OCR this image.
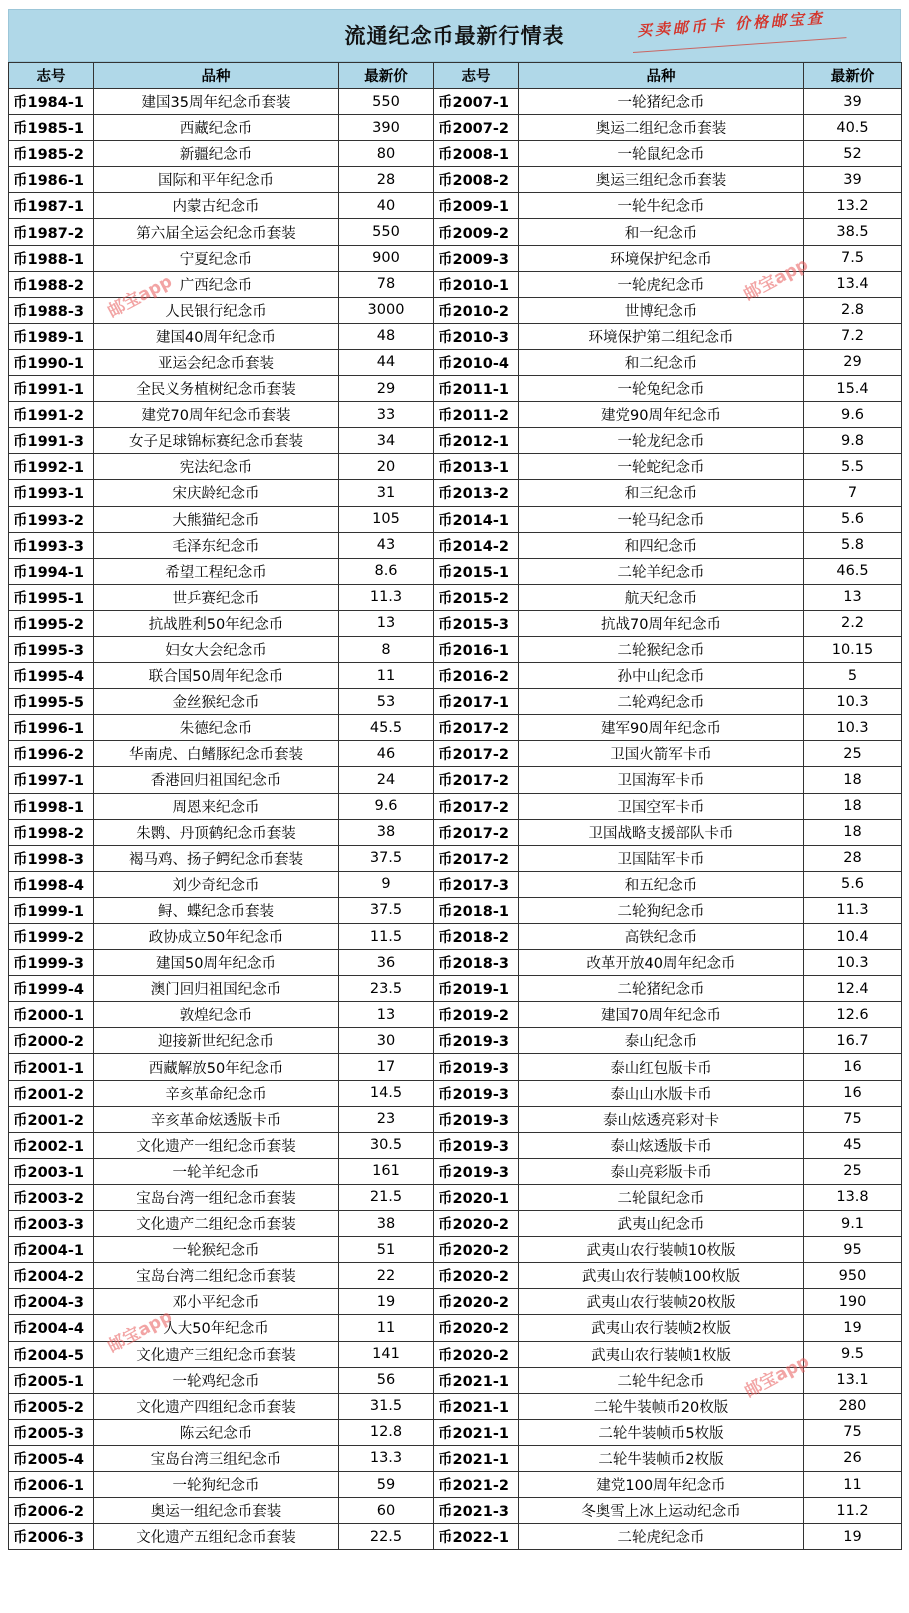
流通纪念币最新行情表	买卖邮币卡 价格邮宝查
志号	品种	最新价	志号	品种	最新价
币1984-1	建国35周年纪念币套装	550	币2007-1	一轮猪纪念币	39
币1985-1	西藏纪念币	390	币2007-2	奥运二组纪念币套装	40.5
币1985-2	新疆纪念币	80	币2008-1	一轮鼠纪念币	52
币1986-1	国际和平年纪念币	28	币2008-2	奥运三组纪念币套装	39
币1987-1	内蒙古纪念币	40	币2009-1	一轮牛纪念币	13.2
币1987-2	第六届全运会纪念币套装	550	币2009-2	和一纪念币	38.5
币1988-1	宁夏纪念币	900	币2009-3	环境保护纪念币	7.5
币1988-2	广西纪念币	78	币2010-1	一轮虎纪念币	13.4
币1988-3	人民银行纪念币	3000	币2010-2	世博纪念币	2.8
币1989-1	建国40周年纪念币	48	币2010-3	环境保护第二组纪念币	7.2
币1990-1	亚运会纪念币套装	44	币2010-4	和二纪念币	29
币1991-1	全民义务植树纪念币套装	29	币2011-1	一轮兔纪念币	15.4
币1991-2	建党70周年纪念币套装	33	币2011-2	建党90周年纪念币	9.6
币1991-3	女子足球锦标赛纪念币套装	34	币2012-1	一轮龙纪念币	9.8
币1992-1	宪法纪念币	20	币2013-1	一轮蛇纪念币	5.5
币1993-1	宋庆龄纪念币	31	币2013-2	和三纪念币	7
币1993-2	大熊猫纪念币	105	币2014-1	一轮马纪念币	5.6
币1993-3	毛泽东纪念币	43	币2014-2	和四纪念币	5.8
币1994-1	希望工程纪念币	8.6	币2015-1	二轮羊纪念币	46.5
币1995-1	世乒赛纪念币	11.3	币2015-2	航天纪念币	13
币1995-2	抗战胜利50年纪念币	13	币2015-3	抗战70周年纪念币	2.2
币1995-3	妇女大会纪念币	8	币2016-1	二轮猴纪念币	10.15
币1995-4	联合国50周年纪念币	11	币2016-2	孙中山纪念币	5
币1995-5	金丝猴纪念币	53	币2017-1	二轮鸡纪念币	10.3
币1996-1	朱德纪念币	45.5	币2017-2	建军90周年纪念币	10.3
币1996-2	华南虎、白鳍豚纪念币套装	46	币2017-2	卫国火箭军卡币	25
币1997-1	香港回归祖国纪念币	24	币2017-2	卫国海军卡币	18
币1998-1	周恩来纪念币	9.6	币2017-2	卫国空军卡币	18
币1998-2	朱鹮、丹顶鹤纪念币套装	38	币2017-2	卫国战略支援部队卡币	18
币1998-3	褐马鸡、扬子鳄纪念币套装	37.5	币2017-2	卫国陆军卡币	28
币1998-4	刘少奇纪念币	9	币2017-3	和五纪念币	5.6
币1999-1	鲟、蝶纪念币套装	37.5	币2018-1	二轮狗纪念币	11.3
币1999-2	政协成立50年纪念币	11.5	币2018-2	高铁纪念币	10.4
币1999-3	建国50周年纪念币	36	币2018-3	改革开放40周年纪念币	10.3
币1999-4	澳门回归祖国纪念币	23.5	币2019-1	二轮猪纪念币	12.4
币2000-1	敦煌纪念币	13	币2019-2	建国70周年纪念币	12.6
币2000-2	迎接新世纪纪念币	30	币2019-3	泰山纪念币	16.7
币2001-1	西藏解放50年纪念币	17	币2019-3	泰山红包版卡币	16
币2001-2	辛亥革命纪念币	14.5	币2019-3	泰山山水版卡币	16
币2001-2	辛亥革命炫透版卡币	23	币2019-3	泰山炫透亮彩对卡	75
币2002-1	文化遗产一组纪念币套装	30.5	币2019-3	泰山炫透版卡币	45
币2003-1	一轮羊纪念币	161	币2019-3	泰山亮彩版卡币	25
币2003-2	宝岛台湾一组纪念币套装	21.5	币2020-1	二轮鼠纪念币	13.8
币2003-3	文化遗产二组纪念币套装	38	币2020-2	武夷山纪念币	9.1
币2004-1	一轮猴纪念币	51	币2020-2	武夷山农行装帧10枚版	95
币2004-2	宝岛台湾二组纪念币套装	22	币2020-2	武夷山农行装帧100枚版	950
币2004-3	邓小平纪念币	19	币2020-2	武夷山农行装帧20枚版	190
币2004-4	人大50年纪念币	11	币2020-2	武夷山农行装帧2枚版	19
币2004-5	文化遗产三组纪念币套装	141	币2020-2	武夷山农行装帧1枚版	9.5
币2005-1	一轮鸡纪念币	56	币2021-1	二轮牛纪念币	13.1
币2005-2	文化遗产四组纪念币套装	31.5	币2021-1	二轮牛装帧币20枚版	280
币2005-3	陈云纪念币	12.8	币2021-1	二轮牛装帧币5枚版	75
币2005-4	宝岛台湾三组纪念币	13.3	币2021-1	二轮牛装帧币2枚版	26
币2006-1	一轮狗纪念币	59	币2021-2	建党100周年纪念币	11
币2006-2	奥运一组纪念币套装	60	币2021-3	冬奥雪上冰上运动纪念币	11.2
币2006-3	文化遗产五组纪念币套装	22.5	币2022-1	二轮虎纪念币	19
邮宝app	邮宝app
邮宝app
邮宝app
